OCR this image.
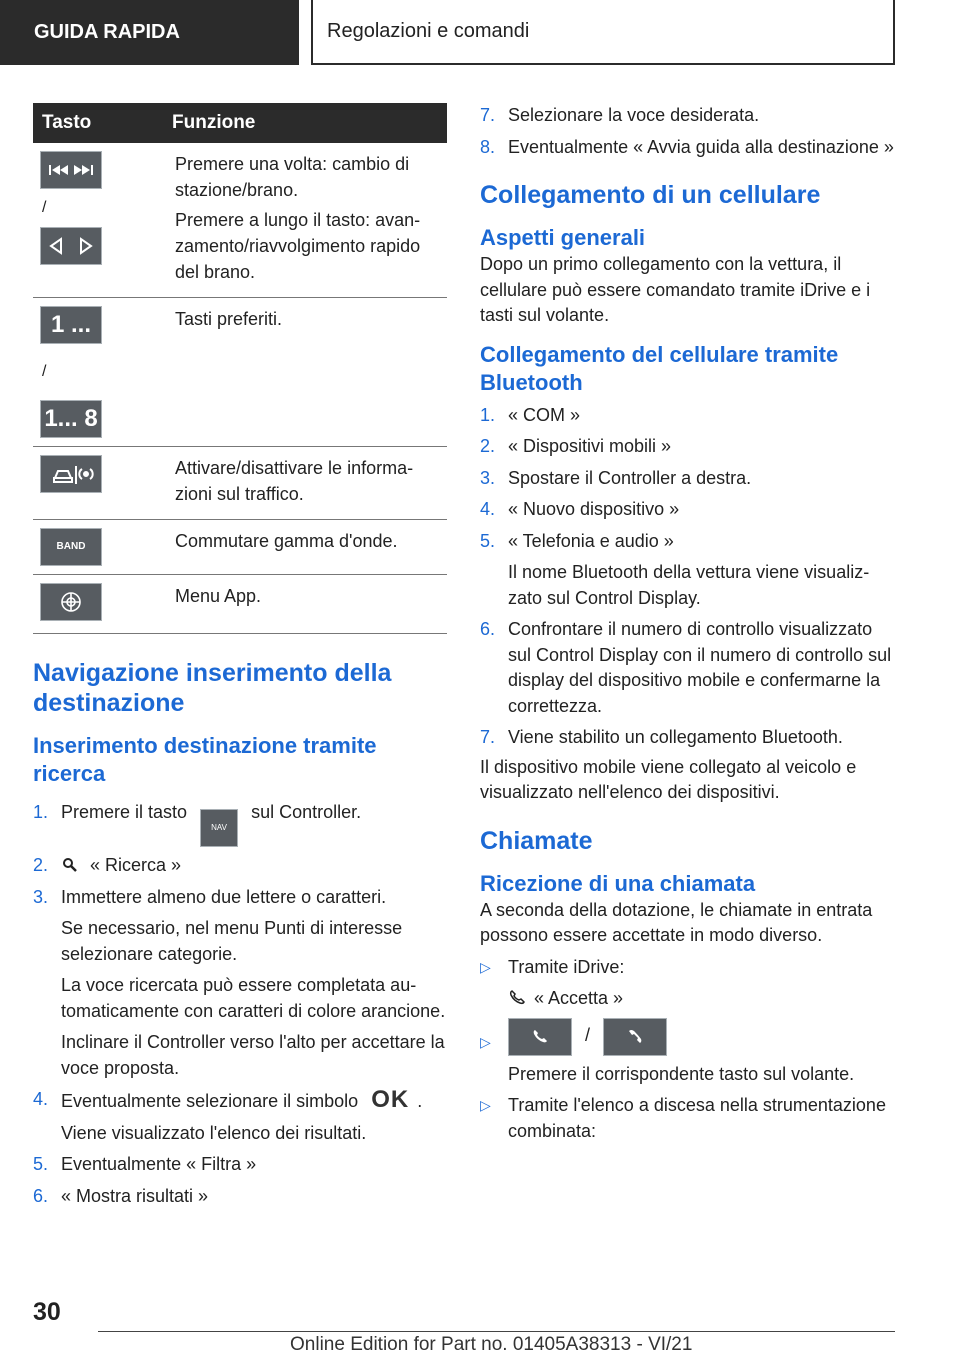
GUIDA RAPIDA	Regolazioni e comandi
Tasto	Funzione

/	Premere una volta: cambio di stazione/brano.
Premere a lungo il tasto: avanzamento/riavvolgimento rapido del brano.

1 ... 7
/
1... 8	Tasti preferiti.

Attivare/disattivare le informazioni sul traffico.

BAND	Commutare gamma d'onde.

Menu App.
Navigazione inserimento della destinazione
Inserimento destinazione tramite ricerca
1. Premere il tasto NAV sul Controller.
2. « Ricerca »
3. Immettere almeno due lettere o caratteri.
Se necessario, nel menu Punti di interesse selezionare categorie.
La voce ricercata può essere completata automaticamente con caratteri di colore arancione.
Inclinare il Controller verso l'alto per accettare la voce proposta.
4. Eventualmente selezionare il simbolo OK .
Viene visualizzato l'elenco dei risultati.
5. Eventualmente « Filtra »
6. « Mostra risultati »
7. Selezionare la voce desiderata.
8. Eventualmente « Avvia guida alla destinazione »
Collegamento di un cellulare
Aspetti generali
Dopo un primo collegamento con la vettura, il cellulare può essere comandato tramite iDrive e i tasti sul volante.
Collegamento del cellulare tramite Bluetooth
1. « COM »
2. « Dispositivi mobili »
3. Spostare il Controller a destra.
4. « Nuovo dispositivo »
5. « Telefonia e audio »
Il nome Bluetooth della vettura viene visualizzato sul Control Display.
6. Confrontare il numero di controllo visualizzato sul Control Display con il numero di controllo sul display del dispositivo mobile e confermarne la correttezza.
7. Viene stabilito un collegamento Bluetooth.
Il dispositivo mobile viene collegato al veicolo e visualizzato nell'elenco dei dispositivi.
Chiamate
Ricezione di una chiamata
A seconda della dotazione, le chiamate in entrata possono essere accettate in modo diverso.
▷ Tramite iDrive:
« Accetta »
▷	/
Premere il corrispondente tasto sul volante.
▷ Tramite l'elenco a discesa nella strumentazione combinata:
30
Online Edition for Part no. 01405A38313 - VI/21
